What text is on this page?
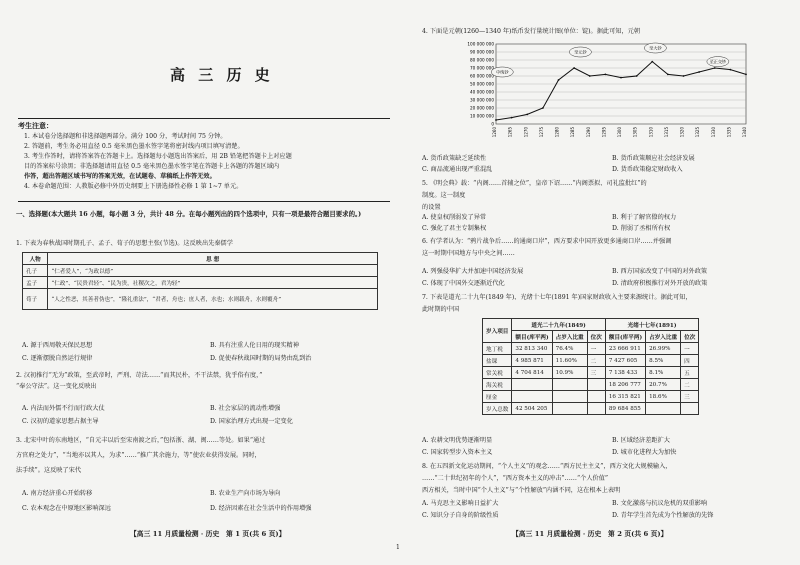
高 三 历 史
考生注意：
1. 本试卷分选择题和非选择题两部分。满分 100 分，考试时间 75 分钟。
2. 答题前，考生务必用直径 0.5 毫米黑色墨水签字笔将密封线内项目填写清楚。
3. 考生作答时，请将答案答在答题卡上。选择题每小题选出答案后，用 2B 铅笔把答题卡上对应题
目的答案标号涂黑；非选择题请用直径 0.5 毫米黑色墨水签字笔在答题卡上各题的答题区域内
作答，超出答题区域书写的答案无效，在试题卷、草稿纸上作答无效。
4. 本卷命题范围：人教版必修中外历史纲要上下册选择性必修 1 第 1~7 单元。
一、选择题(本大题共 16 小题，每小题 3 分，共计 48 分。在每小题列出的四个选项中，只有一项是最符合题目要求的。)
1. 下表为春秋战国时期孔子、孟子、荀子的思想主张(节选)。这反映出先秦儒学
人物	思 想
孔子	“仁者爱人”，“为政以德”
孟子	“仁政”、“民贵君轻”、“民为贵，社稷次之，君为轻”
荀子	“人之性恶，其善者伪也”，“隆礼重法”，“君者，舟也；庶人者，水也；水则载舟，水则覆舟”
A. 源于西周敬天保民思想	B. 具有注重人伦日用的现实精神
C. 逐渐摆脱自然运行规律	D. 促使春秋战国时期的局势由乱到治
2. 汉初推行“无为”政策，至武帝时，严刑、苛法……“而其民朴，不干法禁，犹乎俗有度，”
“奉公守法”。这一变化反映出
A. 内法而外儒不行而行政大仗	B. 社会家层的流动性增强
C. 汉初的道家思想占据主导	D. 国家治理方式出现一定变化
3. 北宋中叶的东南地区，“自元丰以后至宋南渡之后，”包括浙、湖、闽……等处。如果“通过
方官府之处力”，“当地亦以其人，为求”……“推广其余施力，等”使农业获得发展。同时，
法手续”。这反映了宋代
A. 南方经济重心开始转移	B. 农业生产向市场为导向
C. 农本观念在中原地区影响深远	D. 经济因素在社会生活中的作用增强
【高三 11 月质量检测 · 历史　第 1 页(共 6 页)】
1
4. 下面是元朝(1260—1340 年)纸币发行量统计图(单位：锭)。据此可知，元朝
100 000 000
90 000 000
80 000 000
70 000 000
60 000 000
50 000 000
40 000 000
30 000 000
20 000 000
10 000 000
0
1260	1265	1270	1275	1280	1285	1290	1295	1300	1305	1310	1315	1320	1325	1330	1335	1340
中统钞
至元钞
至大钞
至正交钞
A. 货币政策缺乏延续性	B. 货币政策顺应社会经济发展
C. 商品流通出现严重混乱	D. 货币政策稳定财政收入
5. 《明会典》载：“内阁……首辅之位”，皇帝下诏……“内阁票拟、司礼监批红”的
制度。这一制度
的设置
A. 使皇权削弱发了异常	B. 利于了解官僚的权力
C. 强化了君主专制集权	D. 削弱了丞相所有权
6. 有学者认为：“鸦片战争后……的通商口岸”，西方要求中国开放更多通商口岸……并强调
这一时期中国地方与中央之间……
A. 列强侵华扩大并加速中国经济发展	B. 西方国家改变了中国的对外政策
C. 体现了中国外交逐渐近代化	D. 清政府积极推行对外开放的政策
7. 下表是道光二十九年(1849 年)、光绪十七年(1891 年)国家财政收入主要来源统计。据此可知，
此时期的中国
岁入项目	道光二十九年(1849)			光绪十七年(1891)		
	额目(库平两)	占岁入比重	位次	额目(库平两)	占岁入比重	位次
地丁税	32 813 340	76.4%	一	23 666 911	26.99%	一
盐课	4 985 871	11.60%	二	7 427 605	8.5%	四
常关税	4 704 814	10.9%	三	7 138 433	8.1%	五
海关税				18 206 777	20.7%	二
厘金				16 315 821	18.6%	三
岁入总数	42 504 205			89 684 855		
A. 农耕文明优势逐渐明显	B. 区域经济差距扩大
C. 国家转型步入资本主义	D. 城市化进程大为加快
8. 在五四新文化运动期间，“个人主义”的观念……“西方民主主义”，西方文化大规模输入，
……“二十世纪初年的个人”，“西方资本主义的冲击”……“个人价值”
西方相关，当时中国“个人主义”与“个性解放”内涵不同，这在根本上表明
A. 马克思主义影响日益扩大	B. 文化激荡与抗议危机的双重影响
C. 知识分子自身的阶级性质	D. 青年学生首先成为个性解放的先锋
【高三 11 月质量检测 · 历史　第 2 页(共 6 页)】
